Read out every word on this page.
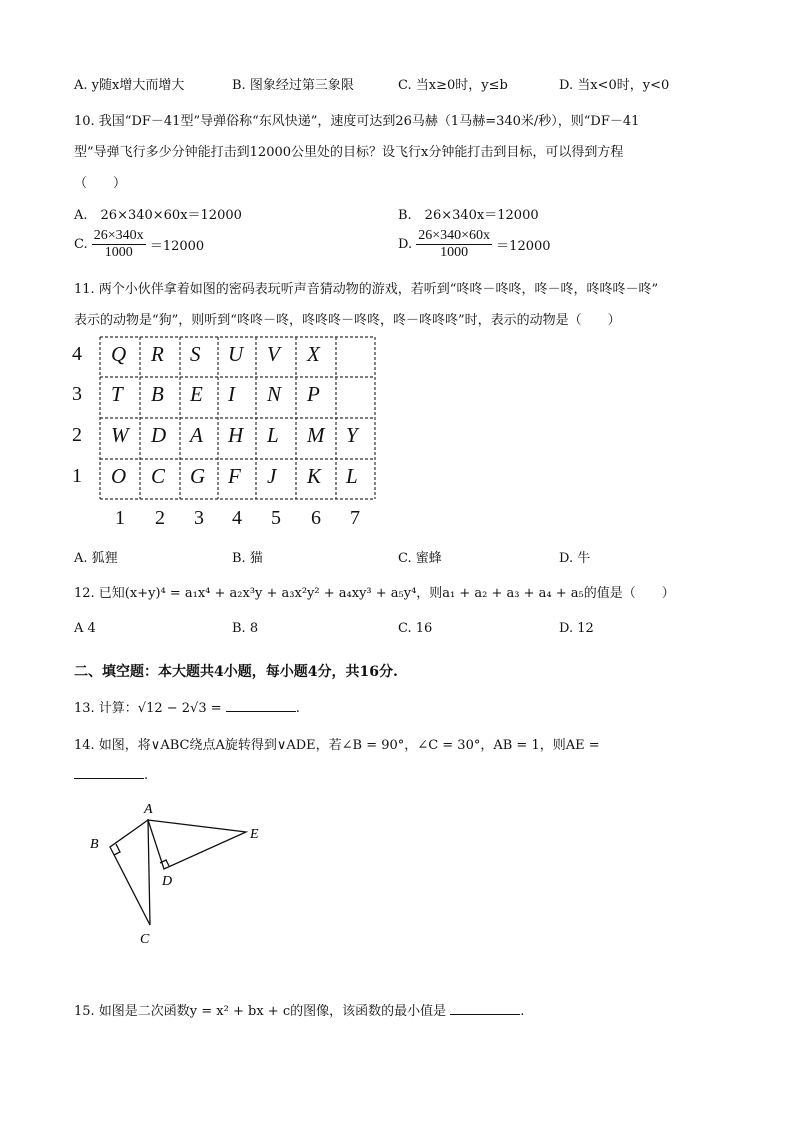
A. y随x增大而增大	B. 图象经过第三象限	C. 当x≥0时，y≤b	D. 当x<0时，y<0
10. 我国“DF－41型”导弹俗称“东风快递”，速度可达到26马赫（1马赫=340米/秒），则“DF－41
型”导弹飞行多少分钟能打击到12000公里处的目标？设飞行x分钟能打击到目标，可以得到方程
（　　）
A.　26×340×60x＝12000	B.　26×340x＝12000
C. $\frac{26\times 340x}{1000} =12000$	D. $\frac{26\times 340\times 60x}{1000} =12000$
11. 两个小伙伴拿着如图的密码表玩听声音猜动物的游戏，若听到“咚咚－咚咚，咚－咚，咚咚咚－咚”
表示的动物是“狗”，则听到“咚咚－咚，咚咚咚－咚咚，咚－咚咚咚”时，表示的动物是（　　）
4 Q R S U V X
3 T B E I N P
2 W D A H L M Y
1 O C G F J K L
1 2 3 4 5 6 7
A. 狐狸	B. 猫	C. 蜜蜂	D. 牛
12. 已知(x+y)⁴ = a₁x⁴ + a₂x³y + a₃x²y² + a₄xy³ + a₅y⁴，则a₁ + a₂ + a₃ + a₄ + a₅的值是（　　）
A 4	B. 8	C. 16	D. 12
二、填空题：本大题共4小题，每小题4分，共16分.
13. 计算：√12 − 2√3 =	.
14. 如图，将∨ABC绕点A旋转得到∨ADE，若∠B = 90°，∠C = 30°，AB = 1，则AE =
.
A
B
C
D
E
15. 如图是二次函数y = x² + bx + c的图像，该函数的最小值是	.
